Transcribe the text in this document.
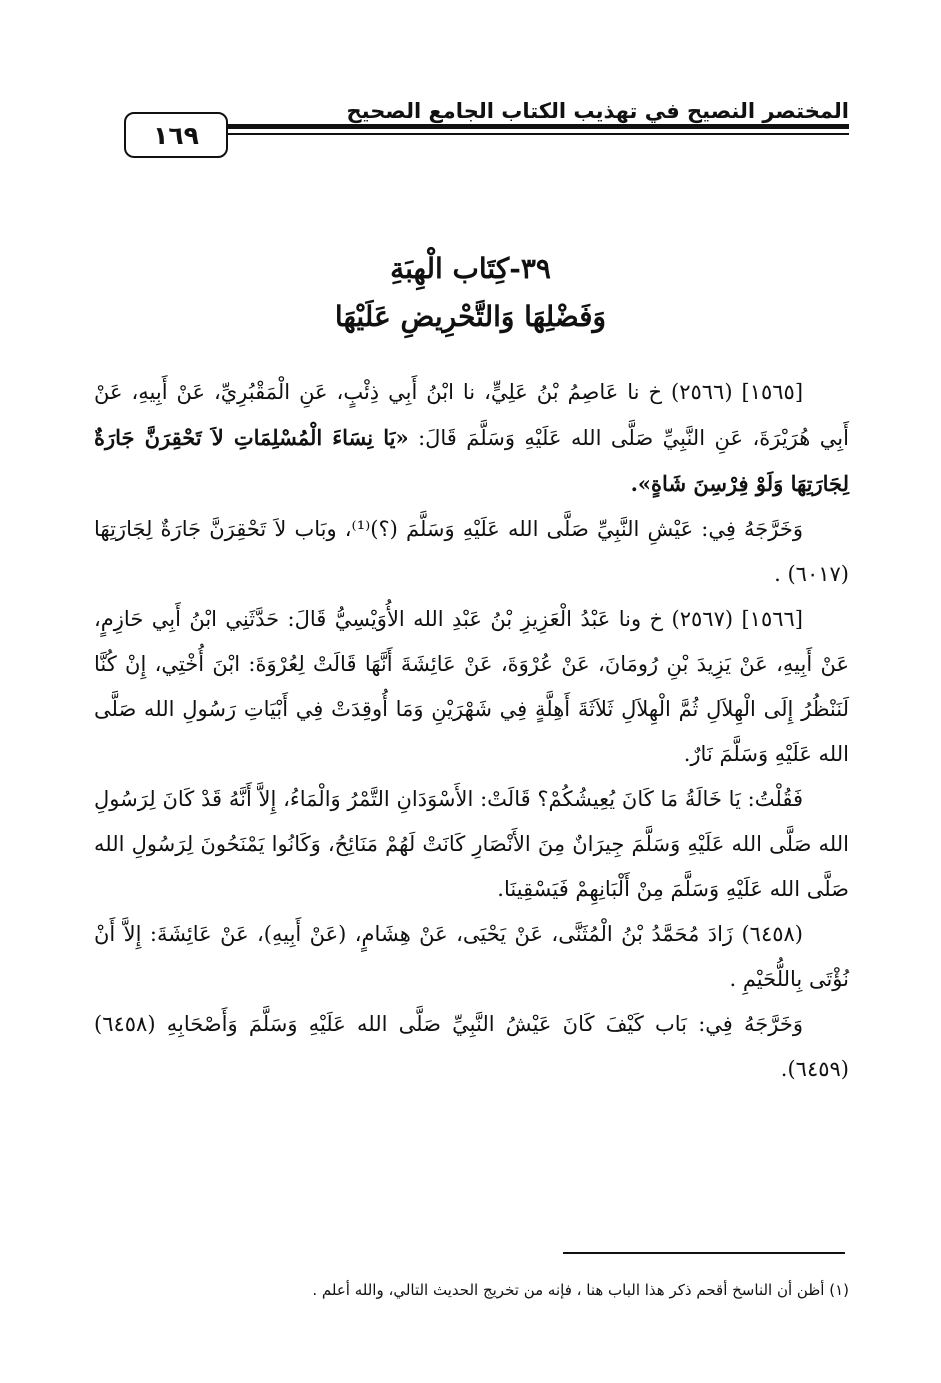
المختصر النصيح في تهذيب الكتاب الجامع الصحيح
١٦٩
٣٩-كِتَاب الْهِبَةِ
وَفَضْلِهَا وَالتَّحْرِيضِ عَلَيْهَا

[١٥٦٥] (٢٥٦٦) خ نا عَاصِمُ بْنُ عَلِيٍّ، نا ابْنُ أَبِي ذِئْبٍ، عَنِ الْمَقْبُرِيِّ، عَنْ أَبِيهِ، عَنْ أَبِي هُرَيْرَةَ، عَنِ النَّبِيِّ صَلَّى الله عَلَيْهِ وَسَلَّمَ قَالَ: «يَا نِسَاءَ الْمُسْلِمَاتِ لاَ تَحْقِرَنَّ جَارَةٌ لِجَارَتِهَا وَلَوْ فِرْسِنَ شَاةٍ».

وَخَرَّجَهُ فِي: عَيْشِ النَّبِيِّ صَلَّى الله عَلَيْهِ وَسَلَّمَ (؟)⁽¹⁾، وبَاب لاَ تَحْقِرَنَّ جَارَةٌ لِجَارَتِهَا (٦٠١٧) .

[١٥٦٦] (٢٥٦٧) خ ونا عَبْدُ الْعَزِيزِ بْنُ عَبْدِ الله الأُوَيْسِيُّ قَالَ: حَدَّثَنِي ابْنُ أَبِي حَازِمٍ، عَنْ أَبِيهِ، عَنْ يَزِيدَ بْنِ رُومَانَ، عَنْ عُرْوَةَ، عَنْ عَائِشَةَ أَنَّهَا قَالَتْ لِعُرْوَةَ: ابْنَ أُخْتِي، إِنْ كُنَّا لَنَنْظُرُ إِلَى الْهِلاَلِ ثُمَّ الْهِلاَلِ ثَلاَثَةَ أَهِلَّةٍ فِي شَهْرَيْنِ وَمَا أُوقِدَتْ فِي أَبْيَاتِ رَسُولِ الله صَلَّى الله عَلَيْهِ وَسَلَّمَ نَارٌ.

فَقُلْتُ: يَا خَالَةُ مَا كَانَ يُعِيشُكُمْ؟ قَالَتْ: الأَسْوَدَانِ التَّمْرُ وَالْمَاءُ، إِلاَّ أَنَّهُ قَدْ كَانَ لِرَسُولِ الله صَلَّى الله عَلَيْهِ وَسَلَّمَ جِيرَانٌ مِنَ الأَنْصَارِ كَانَتْ لَهُمْ مَنَائِحُ، وَكَانُوا يَمْنَحُونَ لِرَسُولِ الله صَلَّى الله عَلَيْهِ وَسَلَّمَ مِنْ أَلْبَانِهِمْ فَيَسْقِينَا.

(٦٤٥٨) زَادَ مُحَمَّدُ بْنُ الْمُثَنَّى، عَنْ يَحْيَى، عَنْ هِشَامٍ، (عَنْ أَبِيهِ)، عَنْ عَائِشَةَ: إِلاَّ أَنْ نُؤْتَى بِاللُّحَيْمِ .

وَخَرَّجَهُ فِي: بَاب كَيْفَ كَانَ عَيْشُ النَّبِيِّ صَلَّى الله عَلَيْهِ وَسَلَّمَ وَأَصْحَابِهِ (٦٤٥٨)(٦٤٥٩).

(١) أظن أن الناسخ أقحم ذكر هذا الباب هنا ، فإنه من تخريج الحديث التالي، والله أعلم .
